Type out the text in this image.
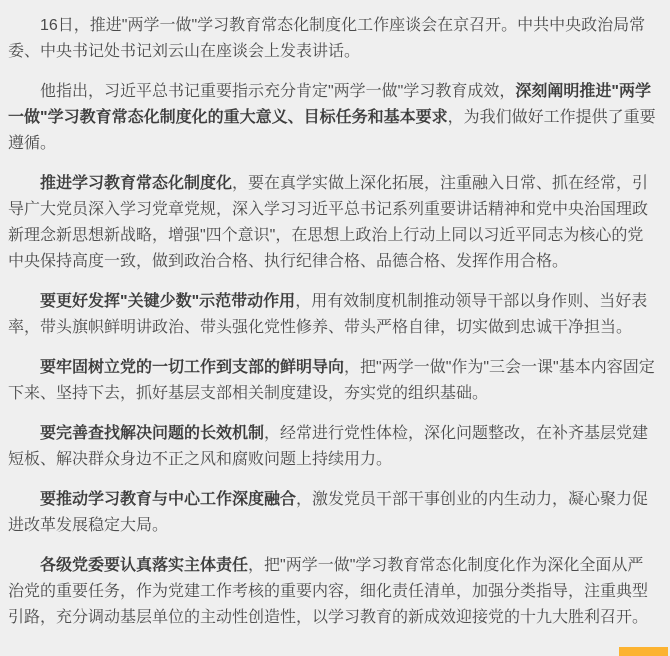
16日，推进"两学一做"学习教育常态化制度化工作座谈会在京召开。中共中央政治局常委、中央书记处书记刘云山在座谈会上发表讲话。

他指出，习近平总书记重要指示充分肯定"两学一做"学习教育成效，深刻阐明推进"两学一做"学习教育常态化制度化的重大意义、目标任务和基本要求，为我们做好工作提供了重要遵循。

推进学习教育常态化制度化，要在真学实做上深化拓展，注重融入日常、抓在经常，引导广大党员深入学习党章党规，深入学习习近平总书记系列重要讲话精神和党中央治国理政新理念新思想新战略，增强"四个意识"，在思想上政治上行动上同以习近平同志为核心的党中央保持高度一致，做到政治合格、执行纪律合格、品德合格、发挥作用合格。

要更好发挥"关键少数"示范带动作用，用有效制度机制推动领导干部以身作则、当好表率，带头旗帜鲜明讲政治、带头强化党性修养、带头严格自律，切实做到忠诚干净担当。

要牢固树立党的一切工作到支部的鲜明导向，把"两学一做"作为"三会一课"基本内容固定下来、坚持下去，抓好基层支部相关制度建设，夯实党的组织基础。

要完善查找解决问题的长效机制，经常进行党性体检，深化问题整改，在补齐基层党建短板、解决群众身边不正之风和腐败问题上持续用力。

要推动学习教育与中心工作深度融合，激发党员干部干事创业的内生动力，凝心聚力促进改革发展稳定大局。

各级党委要认真落实主体责任，把"两学一做"学习教育常态化制度化作为深化全面从严治党的重要任务，作为党建工作考核的重要内容，细化责任清单，加强分类指导，注重典型引路，充分调动基层单位的主动性创造性，以学习教育的新成效迎接党的十九大胜利召开。
